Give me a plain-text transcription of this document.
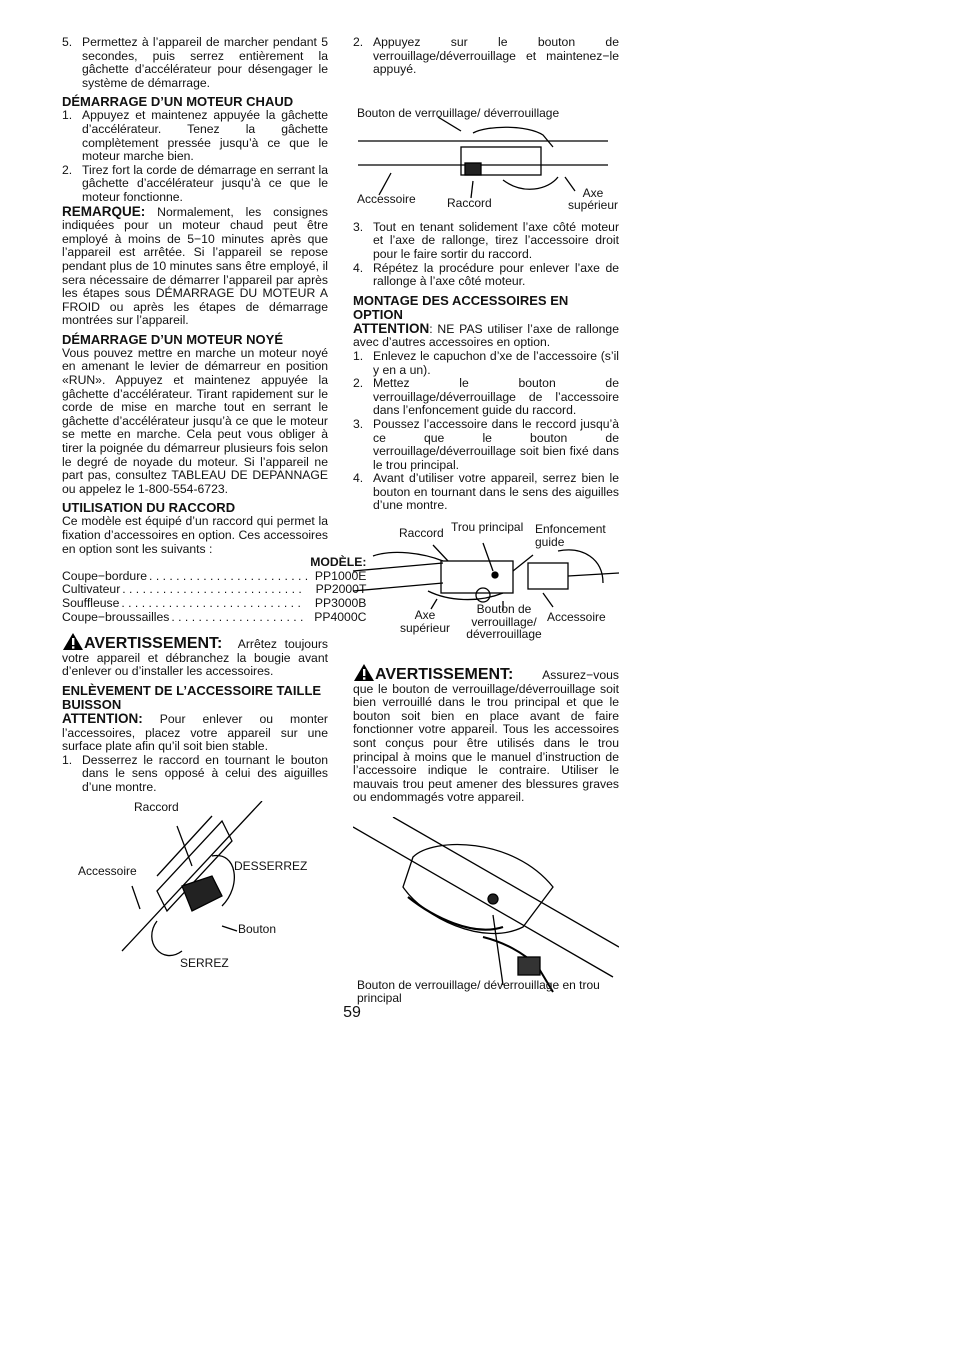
5. Permettez à l’appareil de marcher pendant 5 secondes, puis serrez entièrement la gâchette d’accélérateur pour désengager le système de démarrage.
DÉMARRAGE D’UN MOTEUR CHAUD
1. Appuyez et maintenez appuyée la gâchette d’accélérateur. Tenez la gâchette complètement pressée jusqu’à ce que le moteur marche bien.
2. Tirez fort la corde de démarrage en serrant la gâchette d’accélérateur jusqu’à ce que le moteur fonctionne.

REMARQUE: Normalement, les consignes indiquées pour un moteur chaud peut être employé à moins de 5−10 minutes après que l’appareil est arrêtée. Si l’appareil se repose pendant plus de 10 minutes sans être employé, il sera nécessaire de démarrer l’appareil par après les étapes sous DÉMARRAGE DU MOTEUR A FROID ou après les étapes de démarrage montrées sur l’appareil.

DÉMARRAGE D’UN MOTEUR NOYÉ

Vous pouvez mettre en marche un moteur noyé en amenant le levier de démarreur en position «RUN». Appuyez et maintenez appuyée la gâchette d’accélérateur. Tirant rapidement sur le corde de mise en marche tout en serrant le gâchette d’accélérateur jusqu’à ce que le moteur se mette en marche. Cela peut vous obliger à tirer la poignée du démarreur plusieurs fois selon le degré de noyade du moteur. Si l’appareil ne part pas, consultez TABLEAU DE DEPANNAGE ou appelez le 1-800-554-6723.

UTILISATION DU RACCORD

Ce modèle est équipé d’un raccord qui permet la fixation d’accessoires en option. Ces accessoires en option sont les suivants :

	MODÈLE:
Coupe−bordure. . . . . . . . . . . . . . . . . . . . . . . .	PP1000E
Cultivateur. . . . . . . . . . . . . . . . . . . . . . . . . . .	PP2000T
Souffleuse. . . . . . . . . . . . . . . . . . . . . . . . . . .	PP3000B
Coupe−broussailles. . . . . . . . . . . . . . . . . . . .	PP4000C

AVERTISSEMENT: Arrêtez toujours votre appareil et débranchez la bougie avant d’enlever ou d’installer les accessoires.

ENLÈVEMENT DE L’ACCESSOIRE TAILLE BUISSON

ATTENTION: Pour enlever ou monter l’accessoires, placez votre appareil sur une surface plate afin qu’il soit bien stable.

1. Desserrez le raccord en tournant le bouton dans le sens opposé à celui des aiguilles d’une montre.
Raccord
Accessoire	DESSERREZ
Bouton
SERREZ
2. Appuyez sur le bouton de verrouillage/déverrouillage et maintenez−le appuyé.
Bouton de verrouillage/ déverrouillage
Accessoire	Raccord
Axe supérieur
3. Tout en tenant solidement l’axe côté moteur et l’axe de rallonge, tirez l’accessoire droit pour le faire sortir du raccord.
4. Répétez la procédure pour enlever l’axe de rallonge à l’axe côté moteur.
MONTAGE DES ACCESSOIRES EN OPTION

ATTENTION: NE PAS utiliser l’axe de rallonge avec d’autres accessoires en option.

1. Enlevez le capuchon d’xe de l’accessoire (s’il y en a un).
2. Mettez le bouton de verrouillage/déverrouillage de l’accessoire dans l’enfoncement guide du raccord.
3. Poussez l’accessoire dans le reccord jusqu’à ce que le bouton de verrouillage/déverrouillage soit bien fixé dans le trou principal.
4. Avant d’utiliser votre appareil, serrez bien le bouton en tournant dans le sens des aiguilles d’une montre.
Raccord Trou principal Enfoncement guide
Axe supérieur
Bouton de verrouillage/ déverrouillage
Accessoire

AVERTISSEMENT: Assurez−vous que le bouton de verrouillage/déverrouillage soit bien verrouillé dans le trou principal et que le bouton soit bien en place avant de faire fonctionner votre appareil. Tous les accessoires sont conçus pour être utilisés dans le trou principal à moins que le manuel d’instruction de l’accessoire indique le contraire. Utiliser le mauvais trou peut amener des blessures graves ou endommagés votre appareil.

Bouton de verrouillage/ déverrouillage en trou principal
59
